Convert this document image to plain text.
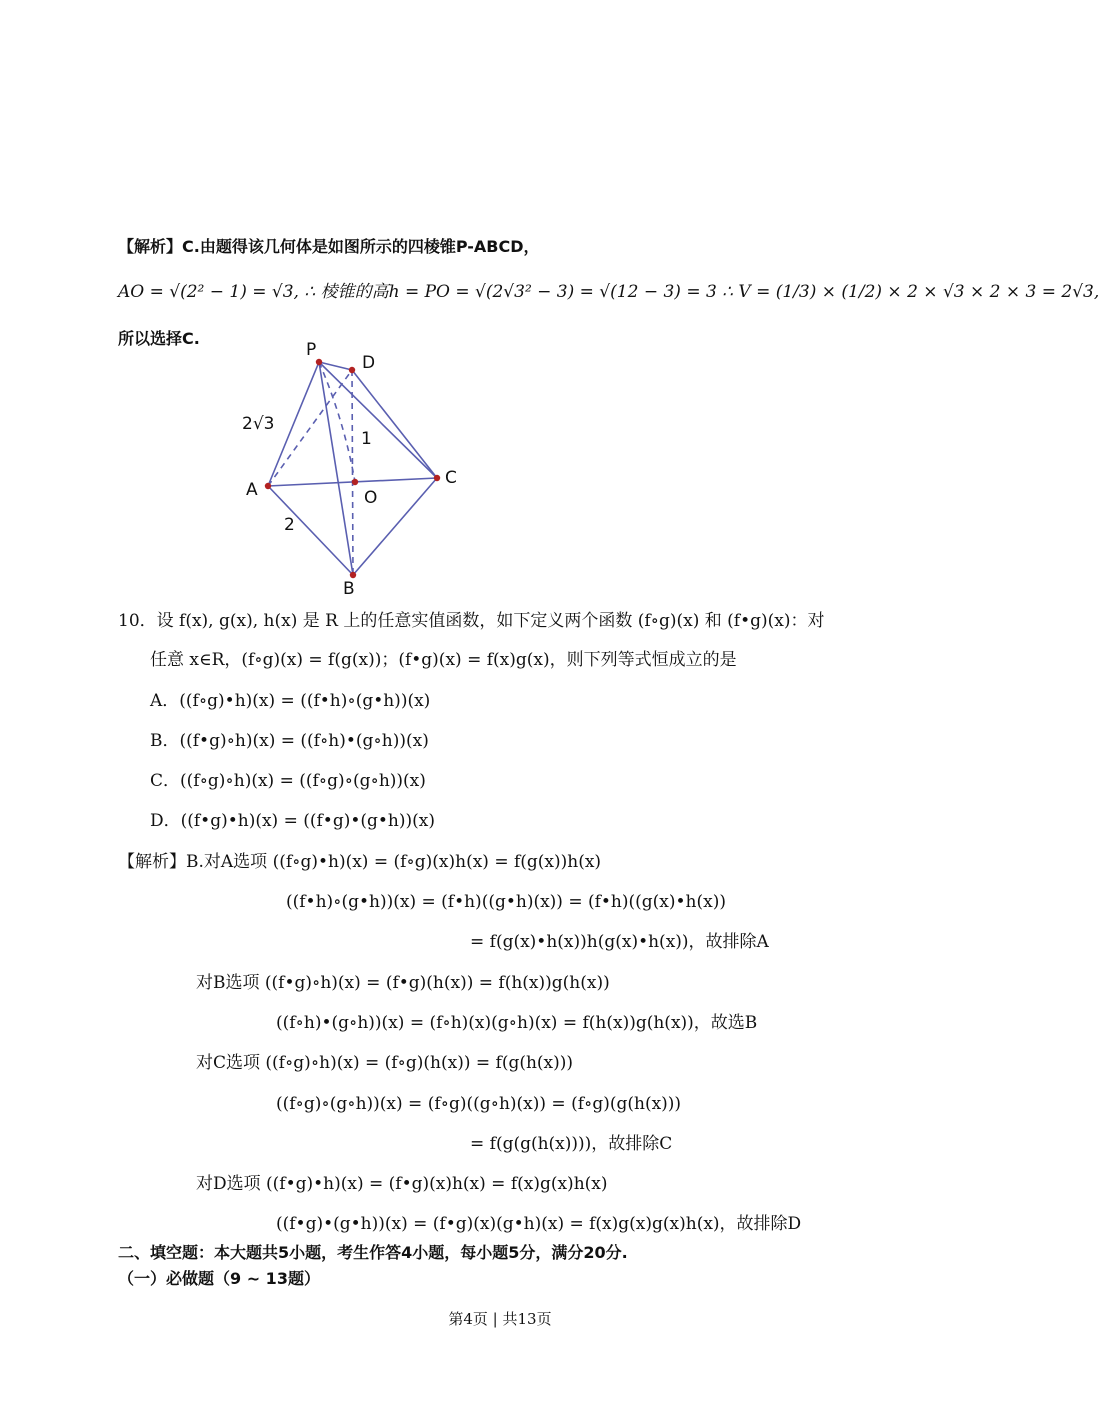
【解析】C.由题得该几何体是如图所示的四棱锥P-ABCD，
AO = √(2² − 1) = √3, ∴ 棱锥的高h = PO = √(2√3² − 3) = √(12 − 3) = 3 ∴ V = (1/3) × (1/2) × 2 × √3 × 2 × 3 = 2√3,
所以选择C.
P
D
A
C
O
B
2√3
1
2
10．设 f(x), g(x), h(x) 是 R 上的任意实值函数，如下定义两个函数 (f∘g)(x) 和 (f•g)(x)：对
任意 x∈R，(f∘g)(x) = f(g(x))；(f•g)(x) = f(x)g(x)，则下列等式恒成立的是
A．((f∘g)•h)(x) = ((f•h)∘(g•h))(x)
B．((f•g)∘h)(x) = ((f∘h)•(g∘h))(x)
C．((f∘g)∘h)(x) = ((f∘g)∘(g∘h))(x)
D．((f•g)•h)(x) = ((f•g)•(g•h))(x)
【解析】B.对A选项 ((f∘g)•h)(x) = (f∘g)(x)h(x) = f(g(x))h(x)
((f•h)∘(g•h))(x) = (f•h)((g•h)(x)) = (f•h)((g(x)•h(x))
= f(g(x)•h(x))h(g(x)•h(x))，故排除A
对B选项 ((f•g)∘h)(x) = (f•g)(h(x)) = f(h(x))g(h(x))
((f∘h)•(g∘h))(x) = (f∘h)(x)(g∘h)(x) = f(h(x))g(h(x))，故选B
对C选项 ((f∘g)∘h)(x) = (f∘g)(h(x)) = f(g(h(x)))
((f∘g)∘(g∘h))(x) = (f∘g)((g∘h)(x)) = (f∘g)(g(h(x)))
= f(g(g(h(x))))，故排除C
对D选项 ((f•g)•h)(x) = (f•g)(x)h(x) = f(x)g(x)h(x)
((f•g)•(g•h))(x) = (f•g)(x)(g•h)(x) = f(x)g(x)g(x)h(x)，故排除D
二、填空题：本大题共5小题，考生作答4小题，每小题5分，满分20分.
（一）必做题（9 ~ 13题）
第4页 | 共13页
